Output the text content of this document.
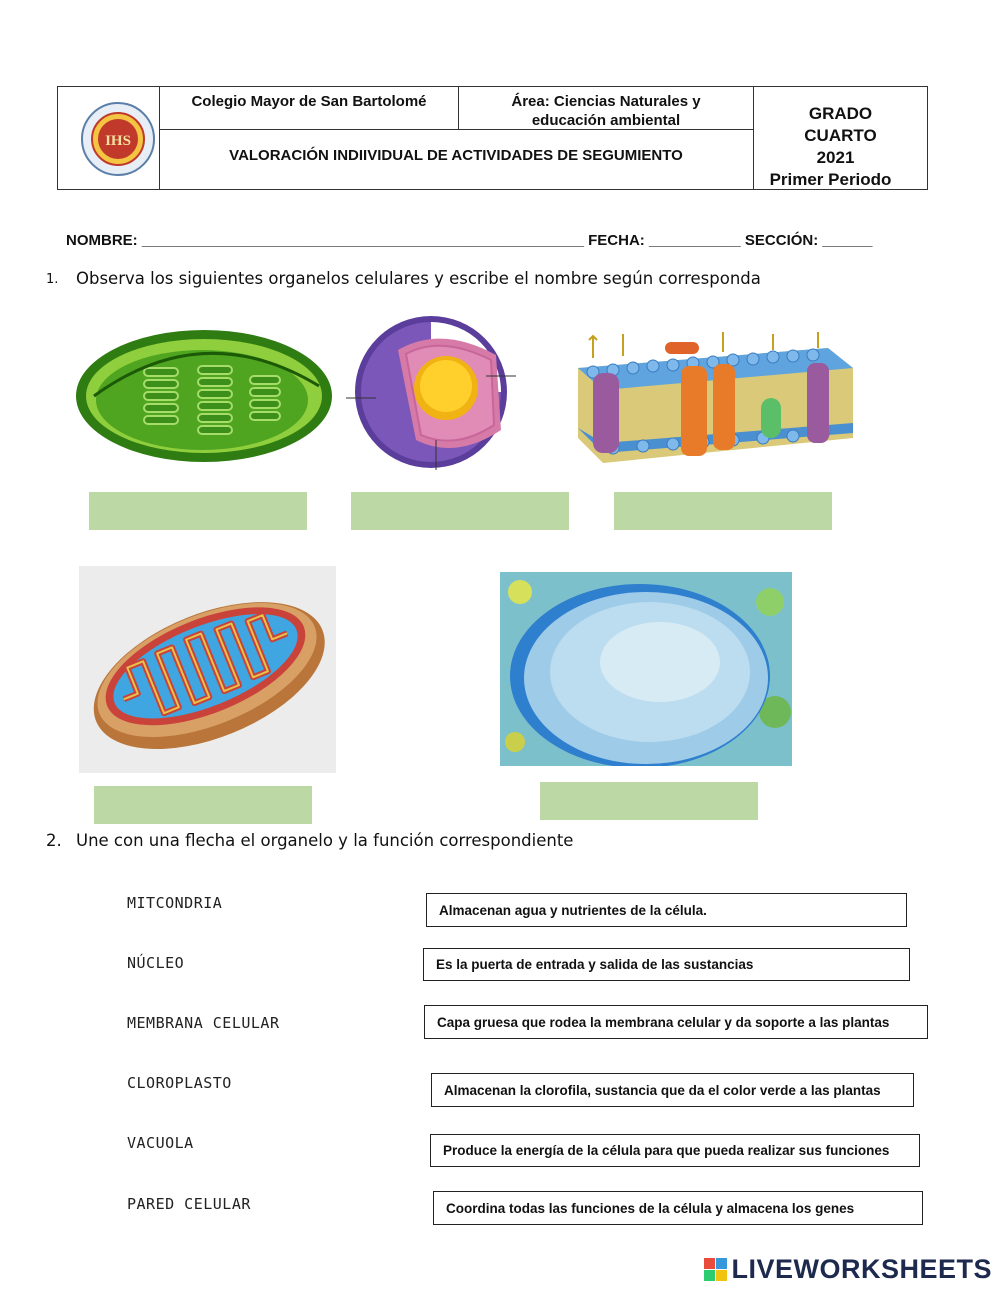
IHS
Colegio Mayor de San Bartolomé	Área: Ciencias Naturales y
educación ambiental
VALORACIÓN INDIIVIDUAL DE ACTIVIDADES DE SEGUMIENTO
GRADO
CUARTO
2021
Primer Periodo
NOMBRE: _____________________________________________________ FECHA: ___________ SECCIÓN: ______
1. Observa los siguientes organelos celulares y escribe el nombre según corresponda
2. Une con una flecha el organelo y la función correspondiente
MITCONDRIA
NÚCLEO
MEMBRANA CELULAR
CLOROPLASTO
VACUOLA
PARED CELULAR
Almacenan agua y nutrientes de la célula.
Es la puerta de entrada y salida de las sustancias
Capa gruesa que rodea la membrana celular y da soporte a las plantas
Almacenan la clorofila, sustancia que da el color verde a las plantas
Produce la energía de la célula para que pueda realizar sus funciones
Coordina todas las funciones de la célula y almacena los genes
LIVEWORKSHEETS
